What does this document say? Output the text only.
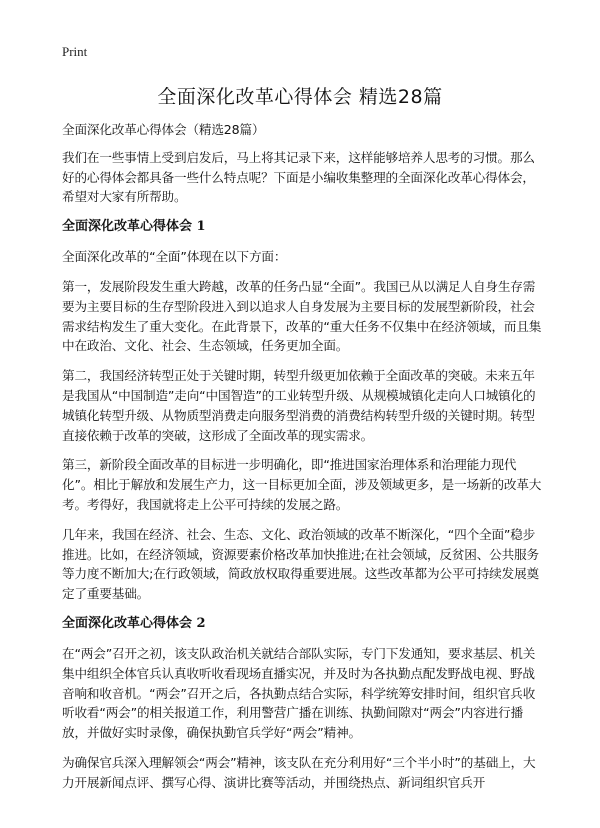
Print
全面深化改革心得体会 精选28篇

全面深化改革心得体会（精选28篇）

我们在一些事情上受到启发后，马上将其记录下来，这样能够培养人思考的习惯。那么好的心得体会都具备一些什么特点呢？下面是小编收集整理的全面深化改革心得体会，希望对大家有所帮助。

全面深化改革心得体会 1

全面深化改革的“全面”体现在以下方面：

第一，发展阶段发生重大跨越，改革的任务凸显“全面”。我国已从以满足人自身生存需要为主要目标的生存型阶段进入到以追求人自身发展为主要目标的发展型新阶段，社会需求结构发生了重大变化。在此背景下，改革的“重大任务不仅集中在经济领域，而且集中在政治、文化、社会、生态领域，任务更加全面。

第二，我国经济转型正处于关键时期，转型升级更加依赖于全面改革的突破。未来五年是我国从“中国制造”走向“中国智造”的工业转型升级、从规模城镇化走向人口城镇化的城镇化转型升级、从物质型消费走向服务型消费的消费结构转型升级的关键时期。转型直接依赖于改革的突破，这形成了全面改革的现实需求。

第三，新阶段全面改革的目标进一步明确化，即“推进国家治理体系和治理能力现代化”。相比于解放和发展生产力，这一目标更加全面，涉及领域更多，是一场新的改革大考。考得好，我国就将走上公平可持续的发展之路。

几年来，我国在经济、社会、生态、文化、政治领域的改革不断深化，“四个全面”稳步推进。比如，在经济领域，资源要素价格改革加快推进;在社会领域，反贫困、公共服务等力度不断加大;在行政领域，简政放权取得重要进展。这些改革都为公平可持续发展奠定了重要基础。

全面深化改革心得体会 2

在“两会”召开之初，该支队政治机关就结合部队实际，专门下发通知，要求基层、机关集中组织全体官兵认真收听收看现场直播实况，并及时为各执勤点配发野战电视、野战音响和收音机。“两会”召开之后，各执勤点结合实际，科学统筹安排时间，组织官兵收听收看“两会”的相关报道工作，利用警营广播在训练、执勤间隙对“两会”内容进行播放，并做好实时录像，确保执勤官兵学好“两会”精神。

为确保官兵深入理解领会“两会”精神，该支队在充分利用好“三个半小时”的基础上，大力开展新闻点评、撰写心得、演讲比赛等活动，并围绕热点、新词组织官兵开
